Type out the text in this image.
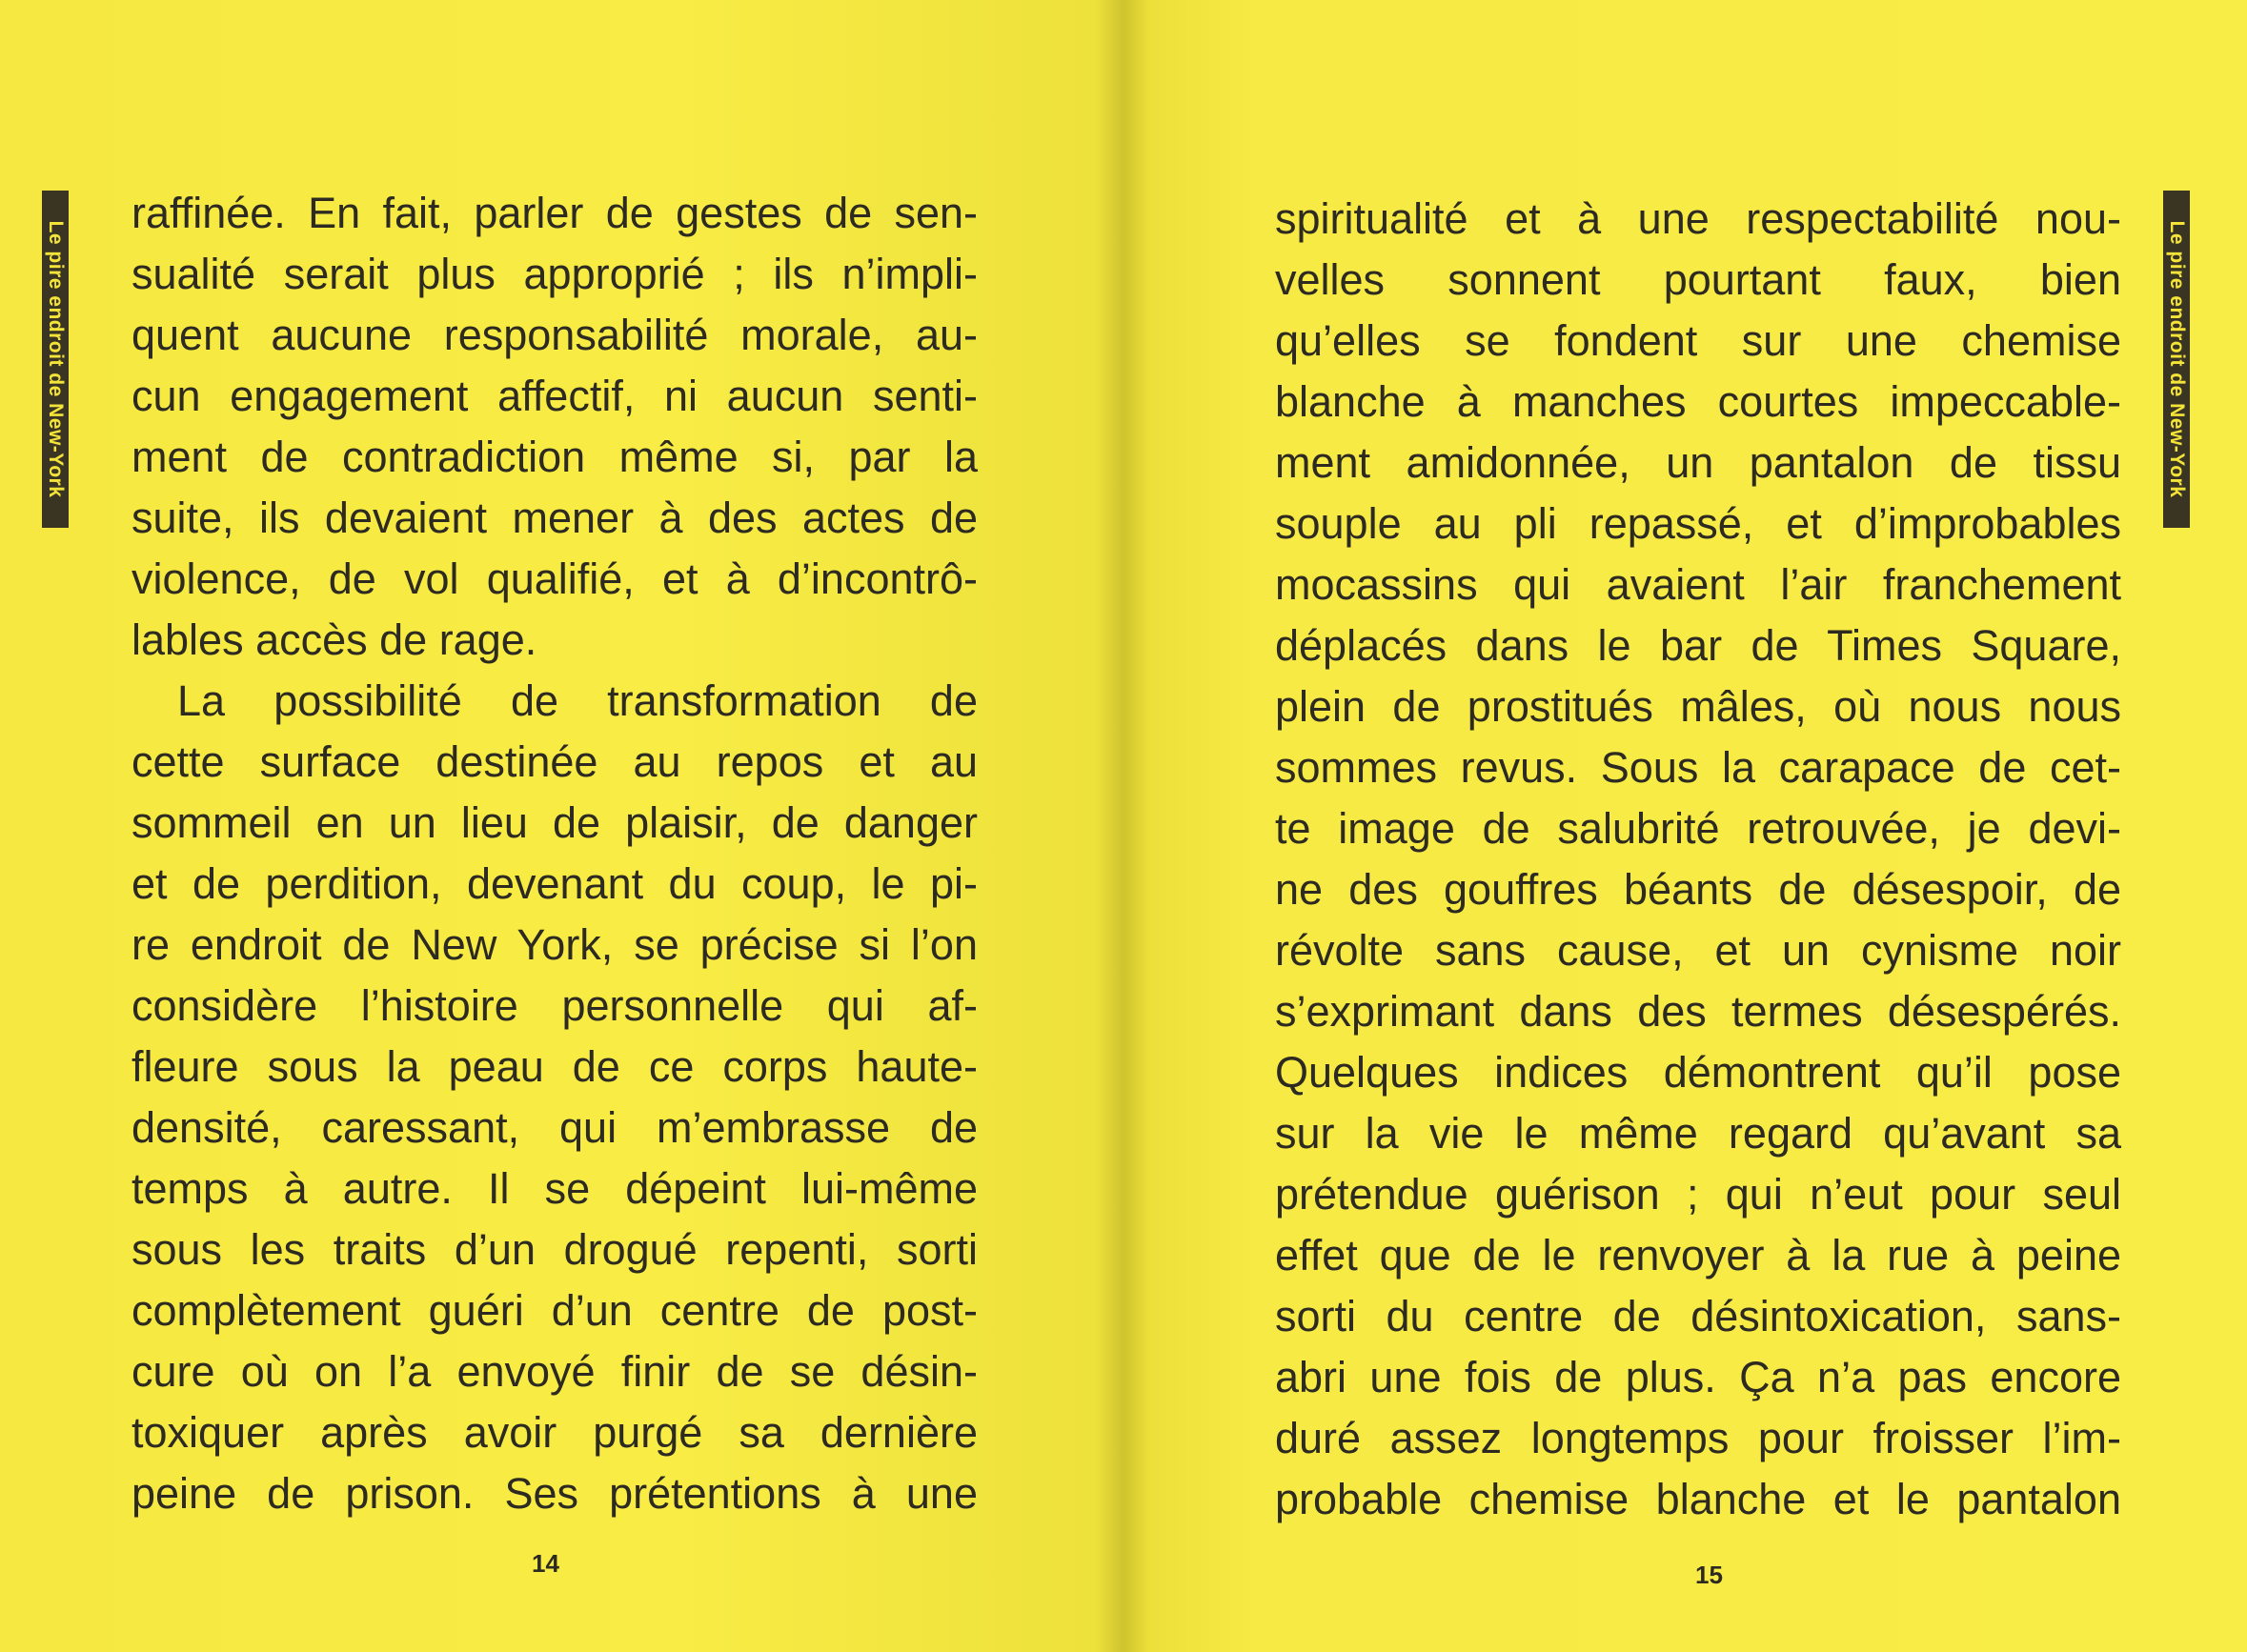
Le pire endroit de New-York
raffinée. En fait, parler de gestes de sen-
sualité serait plus approprié ; ils n’impli-
quent aucune responsabilité morale, au-
cun engagement affectif, ni aucun senti-
ment de contradiction même si, par la
suite, ils devaient mener à des actes de
violence, de vol qualifié, et à d’incontrô-
lables accès de rage.
La possibilité de transformation de
cette surface destinée au repos et au
sommeil en un lieu de plaisir, de danger
et de perdition, devenant du coup, le pi-
re endroit de New York, se précise si l’on
considère l’histoire personnelle qui af-
fleure sous la peau de ce corps haute-
densité, caressant, qui m’embrasse de
temps à autre. Il se dépeint lui-même
sous les traits d’un drogué repenti, sorti
complètement guéri d’un centre de post-
cure où on l’a envoyé finir de se désin-
toxiquer après avoir purgé sa dernière
peine de prison. Ses prétentions à une
14
spiritualité et à une respectabilité nou-
velles sonnent pourtant faux, bien
qu’elles se fondent sur une chemise
blanche à manches courtes impeccable-
ment amidonnée, un pantalon de tissu
souple au pli repassé, et d’improbables
mocassins qui avaient l’air franchement
déplacés dans le bar de Times Square,
plein de prostitués mâles, où nous nous
sommes revus. Sous la carapace de cet-
te image de salubrité retrouvée, je devi-
ne des gouffres béants de désespoir, de
révolte sans cause, et un cynisme noir
s’exprimant dans des termes désespérés.
Quelques indices démontrent qu’il pose
sur la vie le même regard qu’avant sa
prétendue guérison ; qui n’eut pour seul
effet que de le renvoyer à la rue à peine
sorti du centre de désintoxication, sans-
abri une fois de plus. Ça n’a pas encore
duré assez longtemps pour froisser l’im-
probable chemise blanche et le pantalon
Le pire endroit de New-York
15
